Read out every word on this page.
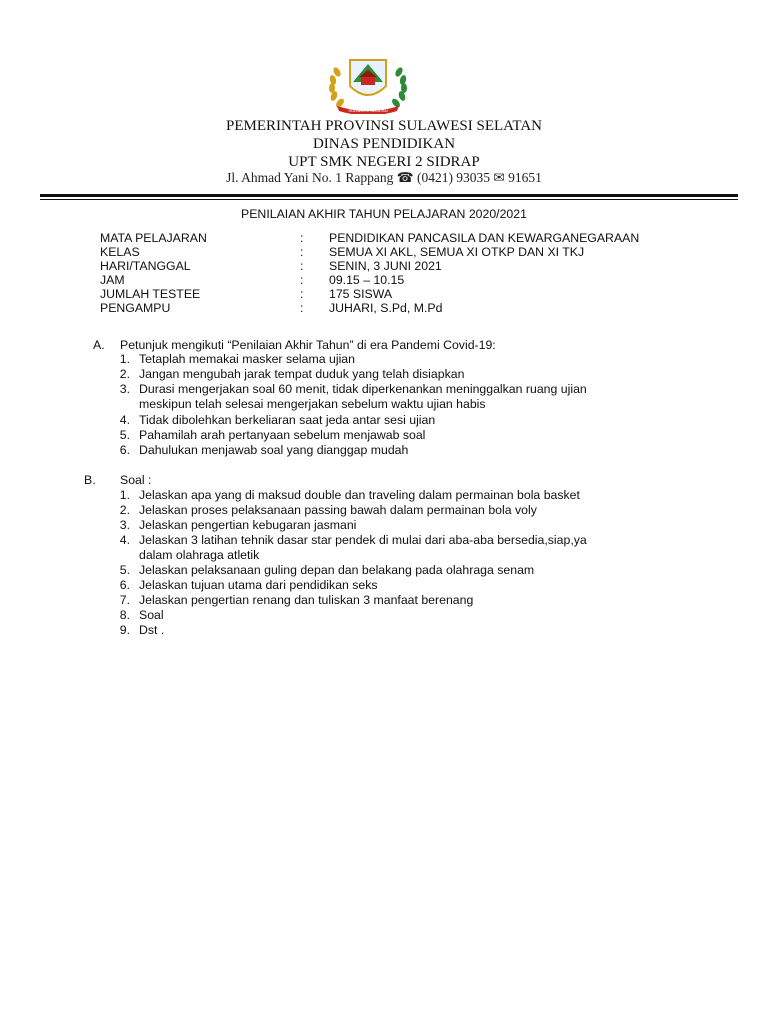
SULAWESI SELATAN
PEMERINTAH PROVINSI SULAWESI SELATAN
DINAS PENDIDIKAN
UPT SMK NEGERI 2 SIDRAP
Jl. Ahmad Yani No. 1 Rappang ☎ (0421) 93035 ✉ 91651
PENILAIAN AKHIR TAHUN PELAJARAN 2020/2021
MATA PELAJARAN	: PENDIDIKAN PANCASILA DAN KEWARGANEGARAAN
KELAS	: SEMUA XI AKL, SEMUA XI OTKP DAN XI TKJ
HARI/TANGGAL	: SENIN, 3 JUNI 2021
JAM	: 09.15 – 10.15
JUMLAH TESTEE	: 175 SISWA
PENGAMPU	: JUHARI, S.Pd, M.Pd
A. Petunjuk mengikuti “Penilaian Akhir Tahun” di era Pandemi Covid-19:
1. Tetaplah memakai masker selama ujian
2. Jangan mengubah jarak tempat duduk yang telah disiapkan
3. Durasi mengerjakan soal 60 menit, tidak diperkenankan meninggalkan ruang ujian
meskipun telah selesai mengerjakan sebelum waktu ujian habis
4. Tidak dibolehkan berkeliaran saat jeda antar sesi ujian
5. Pahamilah arah pertanyaan sebelum menjawab soal
6. Dahulukan menjawab soal yang dianggap mudah
B. Soal :
1. Jelaskan apa yang di maksud double dan traveling dalam permainan bola basket
2. Jelaskan proses pelaksanaan passing bawah dalam permainan bola voly
3. Jelaskan pengertian kebugaran jasmani
4. Jelaskan 3 latihan tehnik dasar star pendek di mulai dari aba-aba bersedia,siap,ya
dalam olahraga atletik
5. Jelaskan pelaksanaan guling depan dan belakang pada olahraga senam
6. Jelaskan tujuan utama dari pendidikan seks
7. Jelaskan pengertian renang dan tuliskan 3 manfaat berenang
8. Soal
9. Dst .
